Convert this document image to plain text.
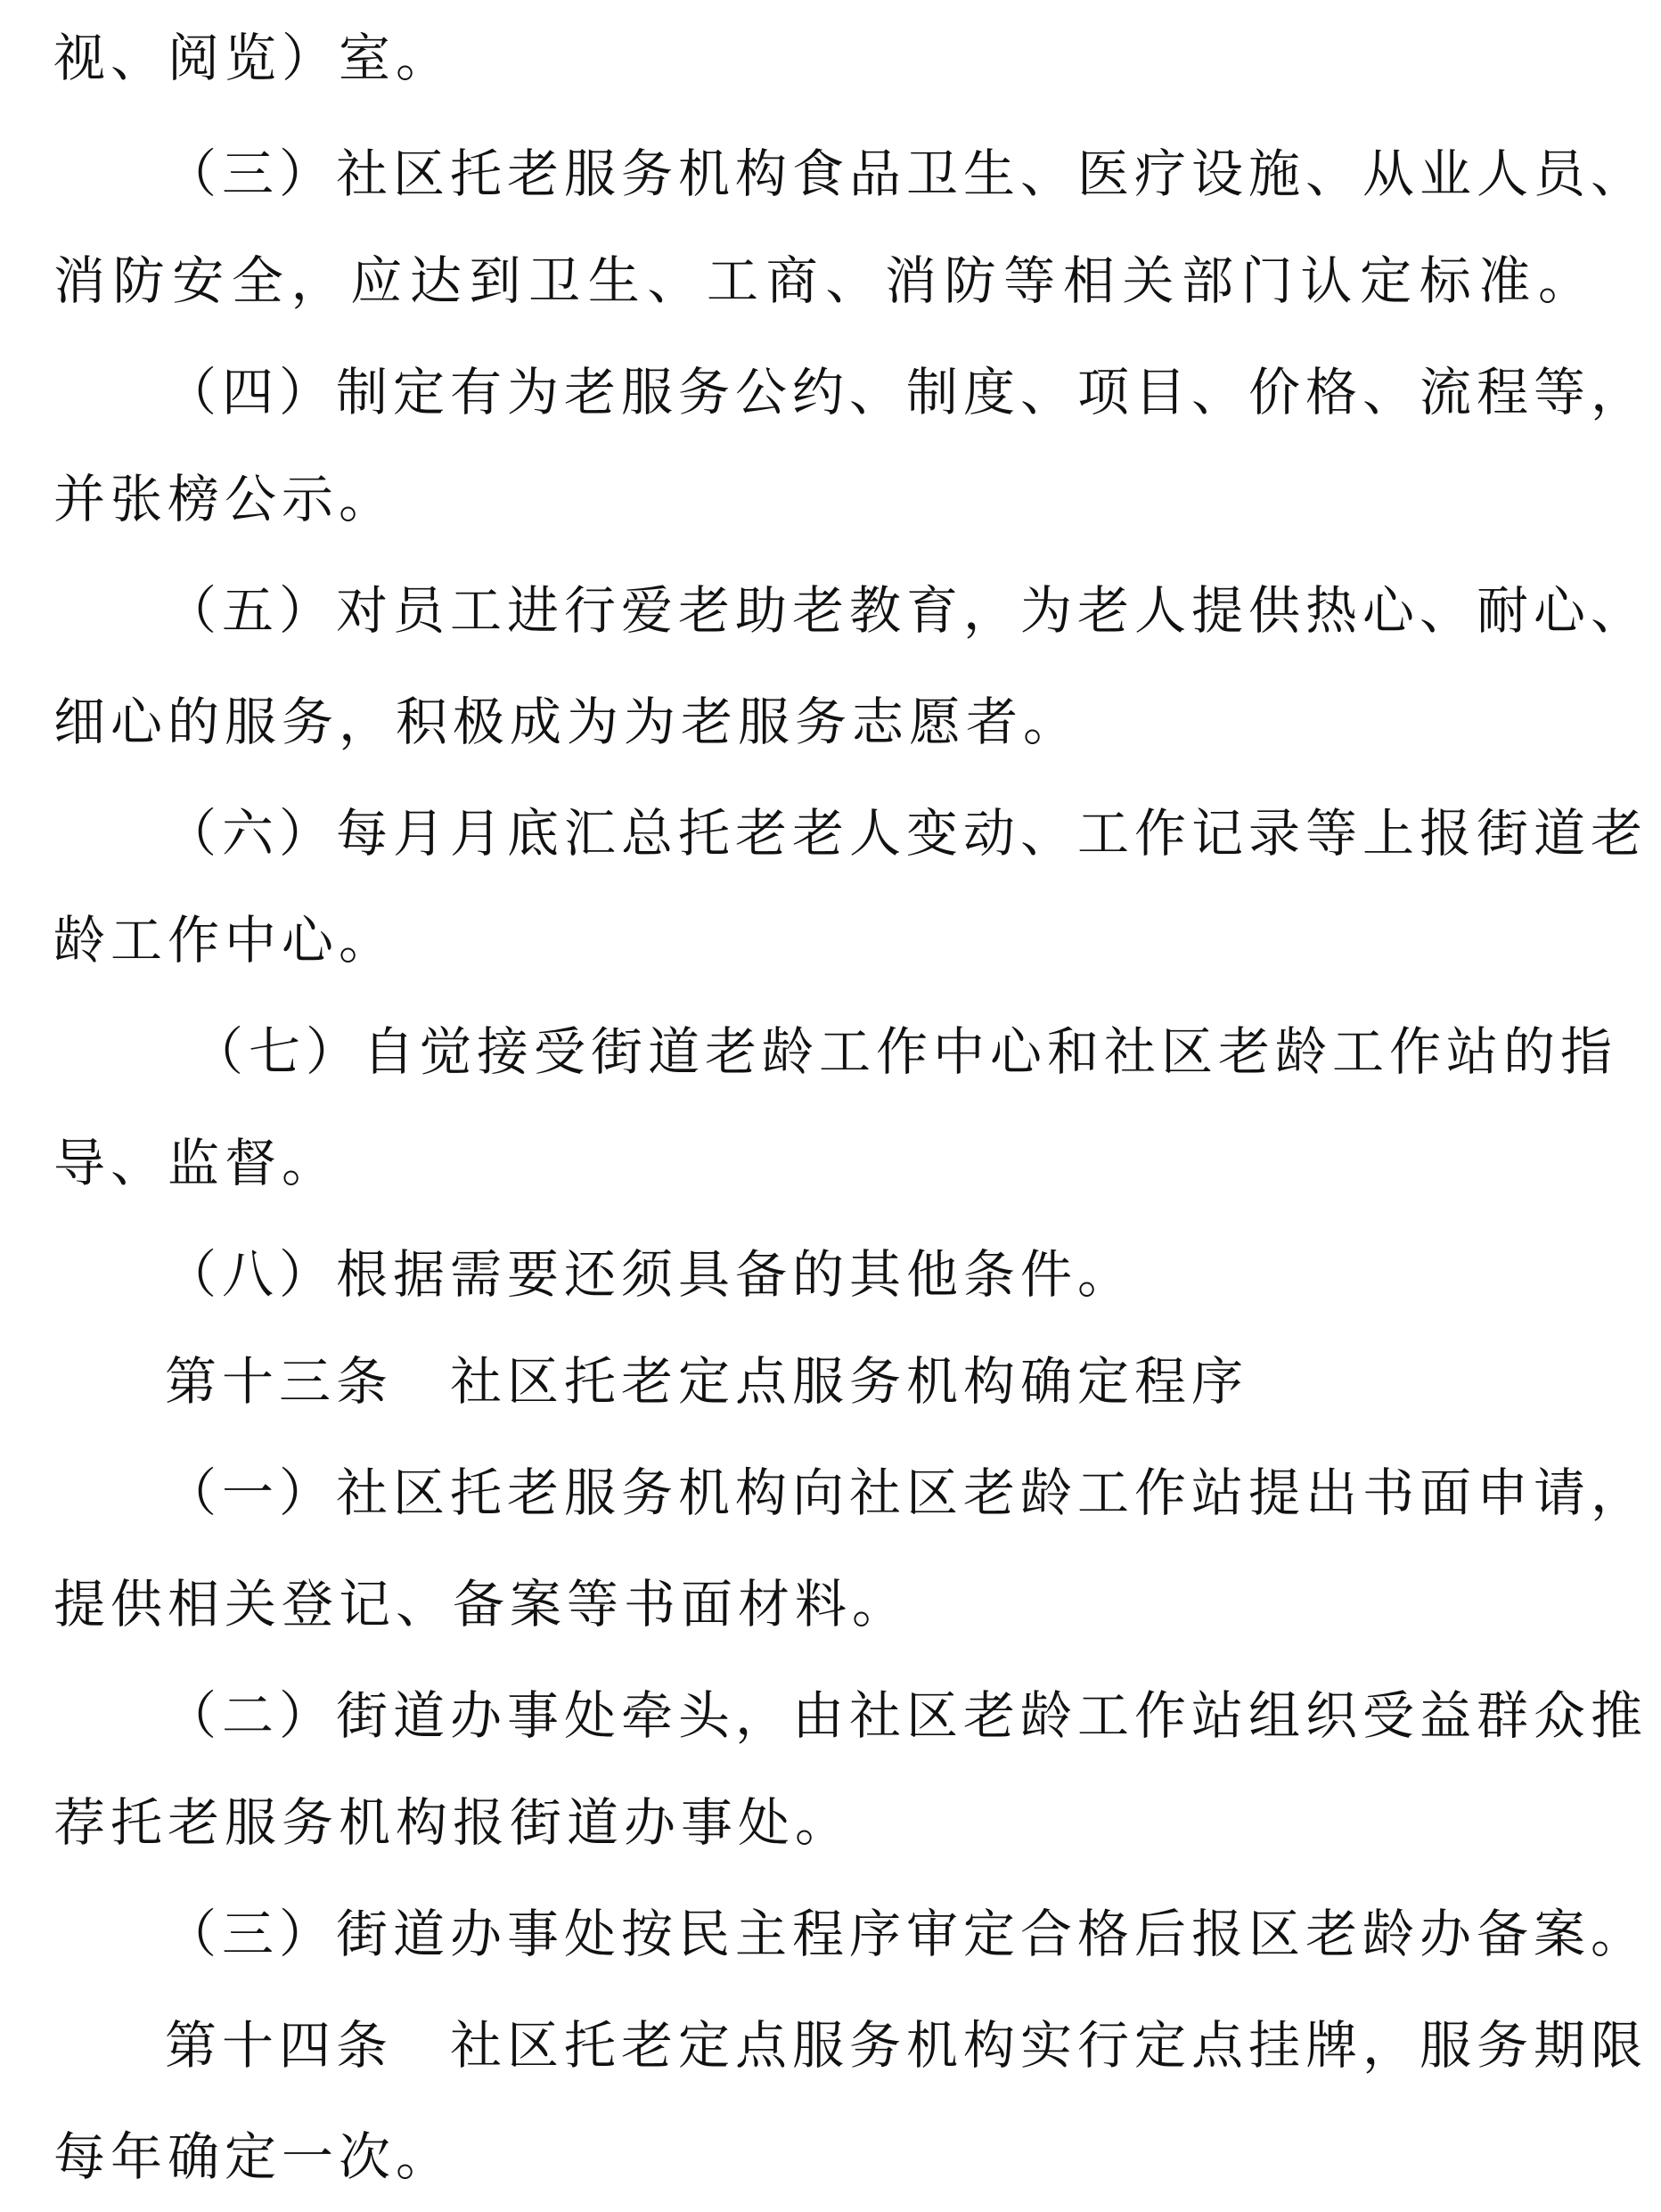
视、阅览）室。
（三）社区托老服务机构食品卫生、医疗设施、从业人员、
消防安全，应达到卫生、工商、消防等相关部门认定标准。
（四）制定有为老服务公约、制度、项目、价格、流程等，
并张榜公示。
（五）对员工进行爱老助老教育，为老人提供热心、耐心、
细心的服务，积极成为为老服务志愿者。
（六）每月月底汇总托老老人变动、工作记录等上报街道老
龄工作中心。
（七）自觉接受街道老龄工作中心和社区老龄工作站的指
导、监督。
（八）根据需要还须具备的其他条件。
第十三条　社区托老定点服务机构确定程序
（一）社区托老服务机构向社区老龄工作站提出书面申请，
提供相关登记、备案等书面材料。
（二）街道办事处牵头，由社区老龄工作站组织受益群众推
荐托老服务机构报街道办事处。
（三）街道办事处按民主程序审定合格后报区老龄办备案。
第十四条　社区托老定点服务机构实行定点挂牌，服务期限
每年确定一次。
